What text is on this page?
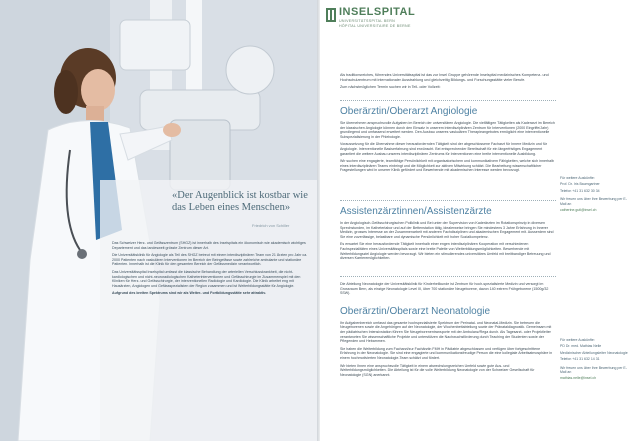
«Der Augenblick ist kostbar wie das Leben eines Menschen»
Friedrich von Schiller

Das Schweizer Herz- und Gefässzentrum (SHGZ) ist innerhalb des Inselspitals ein ökonomisch wie akademisch wichtiges Departement und das landesweit grösste Zentrum dieser Art.

Die Universitätsklinik für Angiologie als Teil des SHGZ betreut mit einem interdisziplinären Team von 21 Ärzten pro Jahr ca. 2000 Patienten nach vaskulären Interventionen im Bereich der Beingefässe sowie zahlreiche ambulante und stationäre Patienten. Innerhalb ist die Klinik für den gesamten Bereich der Gefässmedizin verantwortlich.

Das Universitätsspital Inselspital umfasst die klassische Behandlung der arteriellen Verschlusskrankheit, die nicht-kardiologischen und nicht-neuroradiologischen Katheterinterventionen und Gefässchirurgie im Zusammenspiel mit den Kliniken für Herz- und Gefässchirurgie, der interventionellen Radiologie und Kardiologie. Die Klinik arbeitet eng mit Hausärzten, Angiologen und Gefässspezialisten der Region zusammen und ist Weiterbildungsstätte für Angiologie.

Aufgrund des breiten Spektrums sind wir als Weiter- und Fortbildungsstätte sehr attraktiv.

INSELSPITAL
UNIVERSITÄTSSPITAL BERN
HÔPITAL UNIVERSITAIRE DE BERNE

Als traditionsreiches, führendes Universitätsspital ist das zur Insel Gruppe gehörende Inselspital medizinisches Kompetenz- und Hochschulzentrum mit internationaler Ausstrahlung und gleichzeitig Bildungs- und Forschungsstätte vieler Berufe.

Zum nächstmöglichen Termin suchen wir in Teil- oder Vollzeit:

Oberärztin/Oberarzt Angiologie

Sie übernehmen anspruchsvolle Aufgaben im Bereich der universitären Angiologie. Die vielfältigen Tätigkeiten als Kaderarzt im Bereich der klassischen Angiologie können durch den Einsatz in unserem interdisziplinären Zentrum für Interventionen (2000 Eingriffe/Jahr) grundlegend und umfassend erweitert werden. Den Ausbau unseres vaskulären Therapieangebotes ermöglicht eine interventionelle Subspezialisierung in der Phlebologie.

Voraussetzung für die Übernahme dieser herausfordernden Tätigkeit sind der abgeschlossene Facharzt für Innere Medizin und für Angiologie. Interventionelle Basiserfahrung sind erwünscht. Bei entsprechender Bereitschaft für ein längerfristiges Engagement garantiert die weitere Ausbau unseres interdisziplinären Zentrums für Interventionen eine breite interventionelle Ausbildung.

Wir suchen eine engagierte, teamfähige Persönlichkeit mit organisatorischem und kommunikativem Fähigkeiten, welche sich innerhalb eines interdisziplinären Teams einbringt und die Möglichkeit zur aktiven Mitwirkung schätzt. Die Bearbeitung wissenschaftlicher Fragestellungen wird in unserer Klinik gefördert und Bewerbende mit akademischen Interesse werden bevorzugt.

Assistenzärztinnen/Assistenzärzte

In der Angiologisch-Gefässchirurgischen Poliklinik und Bei unter der Supervision von Kaderärzten im Rotationsprinzip in diversen Sprechstunden, im Katheterlabor und auf der Bettenstation tätig, idealerweise bringen Sie mindestens 3 Jahre Erfahrung in Innerer Medizin, grosses Interesse an der Zusammenarbeit mit anderen Fachdisziplinen und akademischen Engagement mit. Ausserdem sind Sie eine zuverlässige, belastbare und dynamische Persönlichkeit mit hoher Sozialkompetenz.

Es erwartet Sie eine herausfordernde Tätigkeit innerhalb einer engen interdisziplinären Kooperation mit verschiedenen Fachspezialitäten eines Universitätsspitals sowie eine breite Palette von Weiterbildungsmöglichkeiten. Bewerbende mit Weiterbildungsziel Angiologie werden bevorzugt. Wir bieten ein stimulierendes universitäres Umfeld mit breitbandiger Betreuung und diversen Karrieremöglichkeiten.

Die Abteilung Neonatologie der Universitätsklinik für Kinderheilkunde ist Zentrum für hoch-spezialisierte Medizin und versorgt im Grossraum Bern, als einzige Neonatologie Level III, über 700 stationäre Neugeborene, davon 140 extrem Frühgeborene (1500g/32 SSW).

Oberärztin/Oberarzt Neonatologie

Ihr Aufgabenbereich umfasst das gesamte hochspezialisierte Spektrum der Perinatal- und Neonatal-Medizin. Sie betreuen die Neugeborenen sowie die Angehörigen auf der Neonatologie, der Wochenbettabteilung sowie der Pränataldiagnostik. Gemeinsam mit der pädiatrischen Intensivstation führen Sie Neugeborenentransporte mit der Ambulanz/Rega durch. Als Tagesarzt- oder Projektleiter verantworten Sie wissenschaftliche Projekte und unterstützen die Nachwuchsförderung durch Teaching der Studenten sowie der Pflegenden und Hebammen.

Sie haben die Weiterbildung zum Facharzt/zur Fachärztin FMH in Pädiatrie abgeschlossen und verfügen über fortgeschrittene Erfahrung in der Neonatologie. Sie sind eine engagierte und kommunikationsfreudige Person die eine kollegiale Arbeitsatmosphäre in einem hochmotivierten Neonatologie-Team schätzt und fördert.

Wir bieten Ihnen eine anspruchsvolle Tätigkeit in einem abwechslungsreichen Umfeld sowie gute Aus- und Weiterbildungsmöglichkeiten. Die Abteilung ist für die volle Weiterbildung Neonatologie von der Schweizer Gesellschaft für Neonatologie (SGN) anerkannt.

Für weitere Auskünfte:

Prof. Dr. Iris Baumgartner

Telefon +41 31 632 30 34

Wir freuen uns über Ihre Bewerbung per E-Mail an

catherine.gutl@insel.ch

Für weitere Auskünfte:

PD Dr. med. Mathias Nelle

Medizinischer Abteilungsleiter Neonatologie

Telefon +41 31 632 14 31

Wir freuen uns über Ihre Bewerbung per E-Mail an

mathias.nelle@insel.ch
